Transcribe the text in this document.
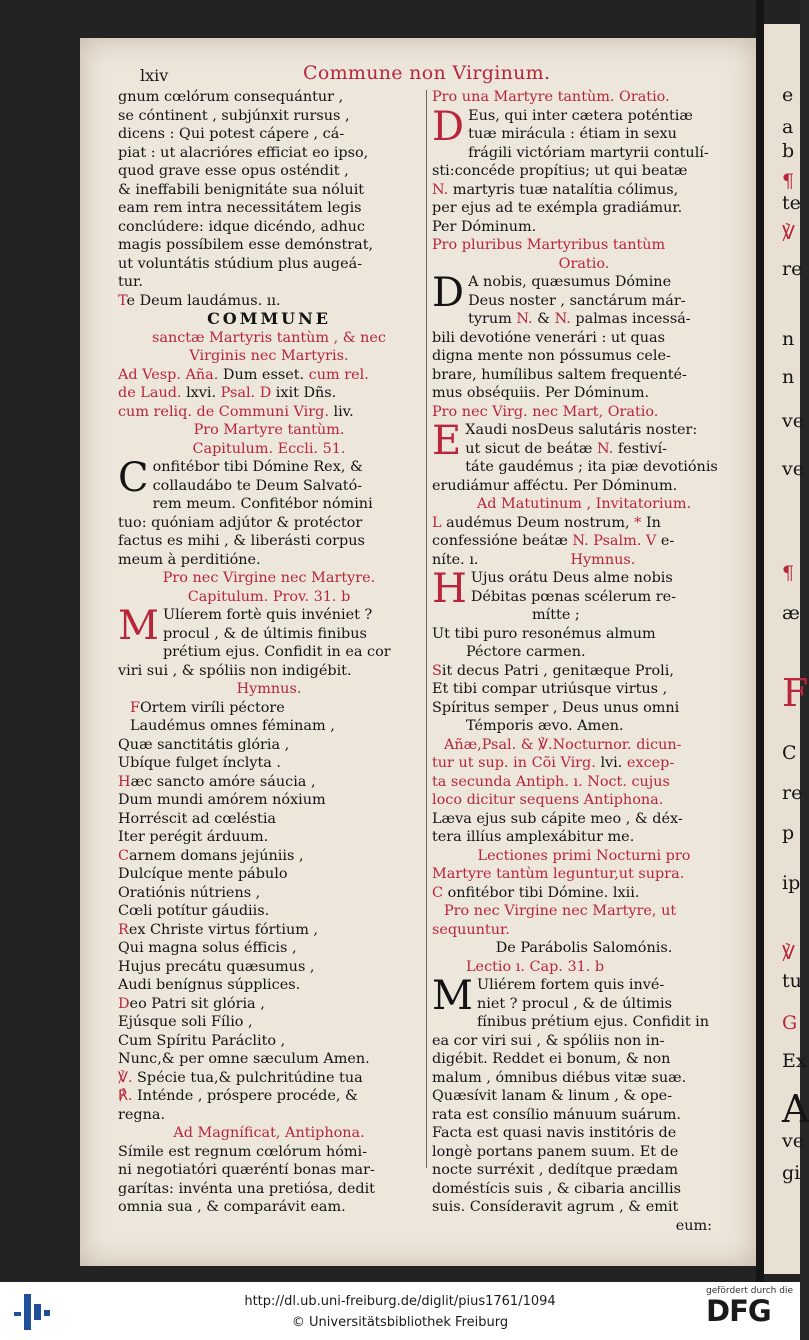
e
a
b
¶
te
℣
re
n
n
ve
ve
¶
æ
F
C
re
p
ip
℣
tu
G
Ex
A
ve
gi
lxiv	Commune non Virginum.
gnum cœlórum consequántur ,
se cóntinent , subjúnxit rursus ,
dicens : Qui potest cápere , cá-
piat : ut alacrióres efficiat eo ipso,
quod grave esse opus osténdit ,
& ineffabili benignitáte sua nóluit
eam rem intra necessitátem legis
conclúdere: idque dicéndo, adhuc
magis possíbilem esse demónstrat,
ut voluntátis stúdium plus augeá-
tur.
Te Deum laudámus. ıı.
COMMUNE
sanctæ Martyris tantùm , & nec
Virginis nec Martyris.
Ad Vesp. Aña. Dum esset. cum rel.
de Laud. lxvi. Psal. D ixit Dñs.
cum reliq. de Communi Virg. liv.
Pro Martyre tantùm.
Capitulum. Eccli. 51.
C onfitébor tibi Dómine Rex, &
collaudábo te Deum Salvató-
rem meum. Confitébor nómini
tuo: quóniam adjútor & protéctor
factus es mihi , & liberásti corpus
meum à perditióne.
Pro nec Virgine nec Martyre.
Capitulum. Prov. 31. b
M Ulíerem fortè quis invéniet ?
procul , & de últimis finibus
prétium ejus. Confidit in ea cor
viri sui , & spóliis non indigébit.
Hymnus.
FOrtem viríli péctore
Laudémus omnes féminam ,
Quæ sanctitátis glória ,
Ubíque fulget ínclyta .
Hæc sancto amóre sáucia ,
Dum mundi amórem nóxium
Horréscit ad cœléstia
Iter perégit árduum.
Carnem domans jejúniis ,
Dulcíque mente pábulo
Oratiónis nútriens ,
Cœli potítur gáudiis.
Rex Christe virtus fórtium ,
Qui magna solus éfficis ,
Hujus precátu quæsumus ,
Audi benígnus súpplices.
Deo Patri sit glória ,
Ejúsque soli Fílio ,
Cum Spíritu Paráclito ,
Nunc,& per omne sæculum Amen.
℣. Spécie tua,& pulchritúdine tua
℟. Inténde , próspere procéde, &
regna.
Ad Magníficat, Antiphona.
Símile est regnum cœlórum hómi-
ni negotiatóri quæréntí bonas mar-
garítas: invénta una pretiósa, dedit
omnia sua , & comparávit eam.
Pro una Martyre tantùm. Oratio.
D Eus, qui inter cætera poténtiæ
tuæ mirácula : étiam in sexu
frágili victóriam martyrii contulí-
sti:concéde propítius; ut qui beatæ
N. martyris tuæ natalítia cólimus,
per ejus ad te exémpla gradiámur.
Per Dóminum.
Pro pluribus Martyribus tantùm
Oratio.
D A nobis, quæsumus Dómine
Deus noster , sanctárum már-
tyrum N. & N. palmas incessá-
bili devotióne venerári : ut quas
digna mente non póssumus cele-
brare, humílibus saltem frequenté-
mus obséquiis. Per Dóminum.
Pro nec Virg. nec Mart, Oratio.
E Xaudi nosDeus salutáris noster:
ut sicut de beátæ N. festiví-
táte gaudémus ; ita piæ devotiónis
erudiámur afféctu. Per Dóminum.
Ad Matutinum , Invitatorium.
L audémus Deum nostrum, * In
confessióne beátæ N. Psalm. V e-
níte. ı.	Hymnus.
H Ujus orátu Deus alme nobis
Débitas pœnas scélerum re-
mítte ;
Ut tibi puro resonémus almum
Péctore carmen.
Sit decus Patri , genitæque Proli,
Et tibi compar utriúsque virtus ,
Spíritus semper , Deus unus omni
Témporis ævo. Amen.
Añæ,Psal. & ℣.Nocturnor. dicun-
tur ut sup. in Cõi Virg. lvi. excep-
ta secunda Antiph. ı. Noct. cujus
loco dicitur sequens Antiphona.
Læva ejus sub cápite meo , & déx-
tera illíus amplexábitur me.
Lectiones primi Nocturni pro
Martyre tantùm leguntur,ut supra.
C onfitébor tibi Dómine. lxii.
Pro nec Virgine nec Martyre, ut
sequuntur.
De Parábolis Salomónis.
Lectio ı. Cap. 31. b
M Uliérem fortem quis invé-
niet ? procul , & de últimis
fínibus prétium ejus. Confidit in
ea cor viri sui , & spóliis non in-
digébit. Reddet ei bonum, & non
malum , ómnibus diébus vitæ suæ.
Quæsívit lanam & linum , & ope-
rata est consílio mánuum suárum.
Facta est quasi navis institóris de
longè portans panem suum. Et de
nocte surréxit , dedítque prædam
doméstícis suis , & cibaria ancillis
suis. Consíderavit agrum , & emit
eum:
http://dl.ub.uni-freiburg.de/diglit/pius1761/1094
© Universitätsbibliothek Freiburg
gefördert durch die
DFG
